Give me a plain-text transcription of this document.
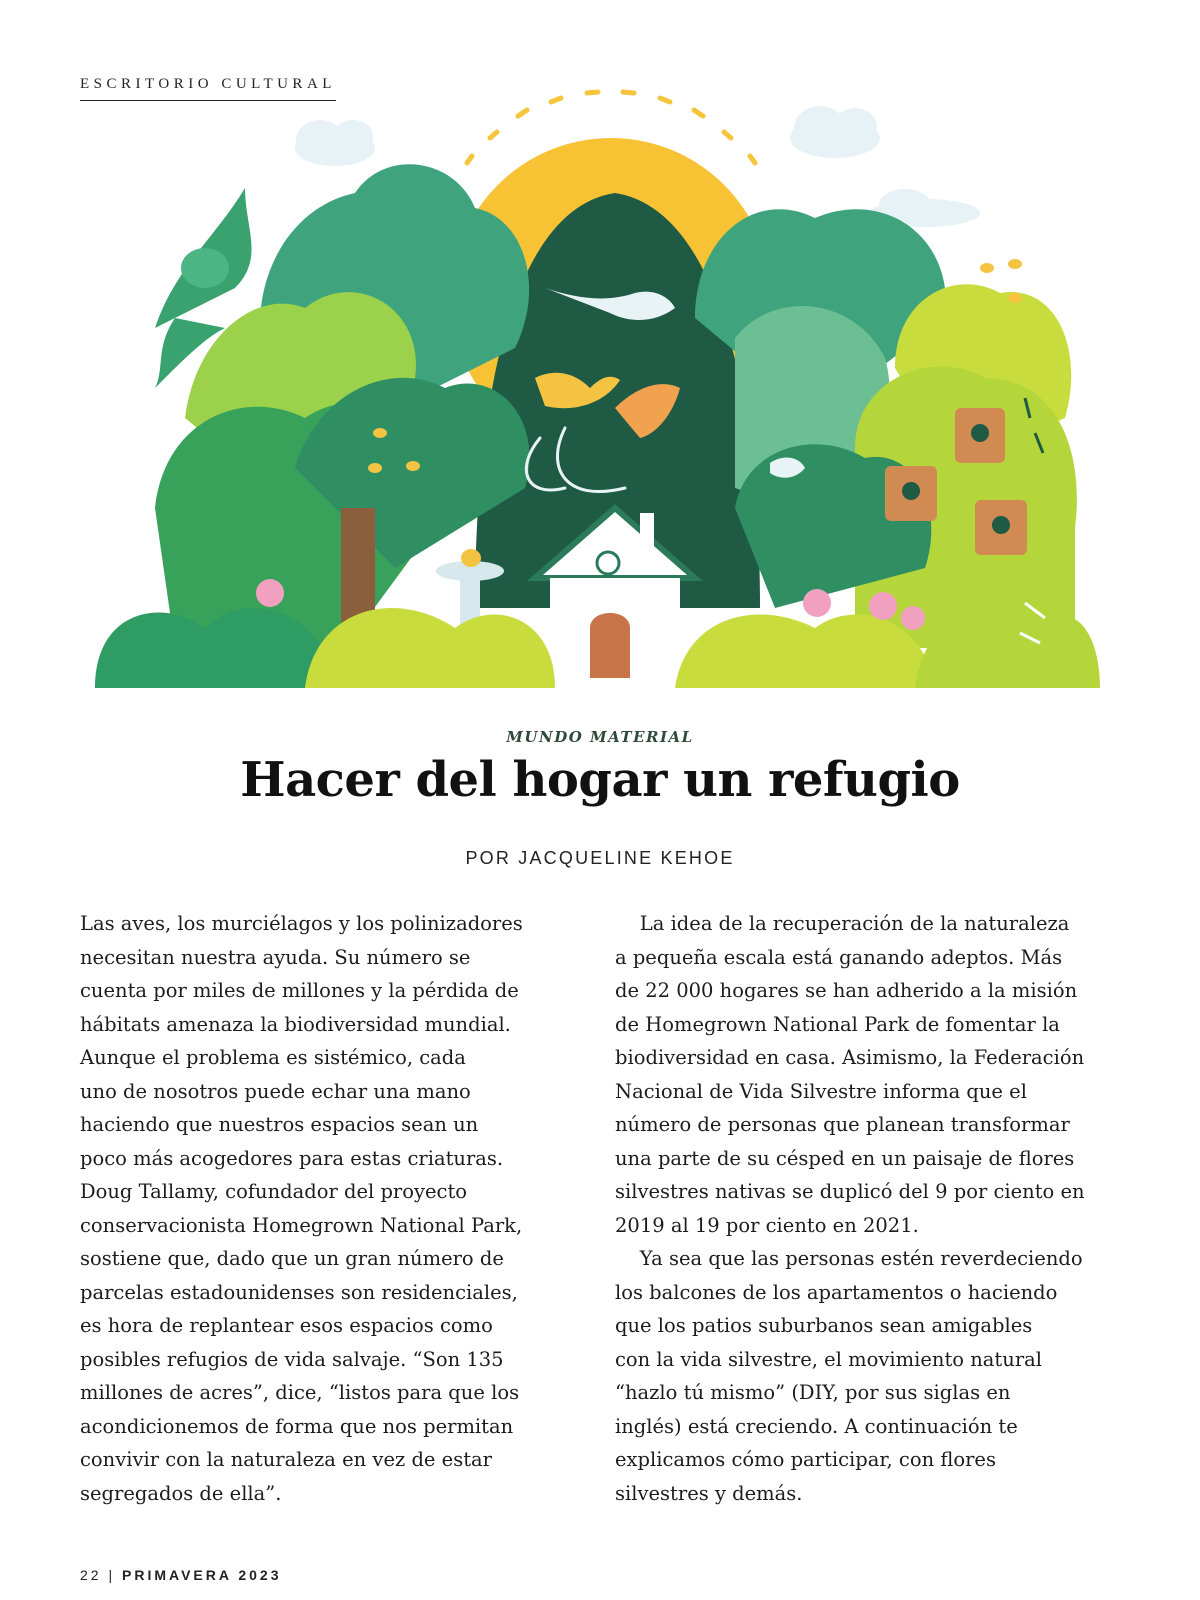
ESCRITORIO CULTURAL
MUNDO MATERIAL
Hacer del hogar un refugio
POR JACQUELINE KEHOE
Las aves, los murciélagos y los polinizadores
necesitan nuestra ayuda. Su número se
cuenta por miles de millones y la pérdida de
hábitats amenaza la biodiversidad mundial.
Aunque el problema es sistémico, cada
uno de nosotros puede echar una mano
haciendo que nuestros espacios sean un
poco más acogedores para estas criaturas.
Doug Tallamy, cofundador del proyecto
conservacionista Homegrown National Park,
sostiene que, dado que un gran número de
parcelas estadounidenses son residenciales,
es hora de replantear esos espacios como
posibles refugios de vida salvaje. “Son 135
millones de acres”, dice, “listos para que los
acondicionemos de forma que nos permitan
convivir con la naturaleza en vez de estar
segregados de ella”.
La idea de la recuperación de la naturaleza
a pequeña escala está ganando adeptos. Más
de 22 000 hogares se han adherido a la misión
de Homegrown National Park de fomentar la
biodiversidad en casa. Asimismo, la Federación
Nacional de Vida Silvestre informa que el
número de personas que planean transformar
una parte de su césped en un paisaje de flores
silvestres nativas se duplicó del 9 por ciento en
2019 al 19 por ciento en 2021.
Ya sea que las personas estén reverdeciendo
los balcones de los apartamentos o haciendo
que los patios suburbanos sean amigables
con la vida silvestre, el movimiento natural
“hazlo tú mismo” (DIY, por sus siglas en
inglés) está creciendo. A continuación te
explicamos cómo participar, con flores
silvestres y demás.
22 | PRIMAVERA 2023
